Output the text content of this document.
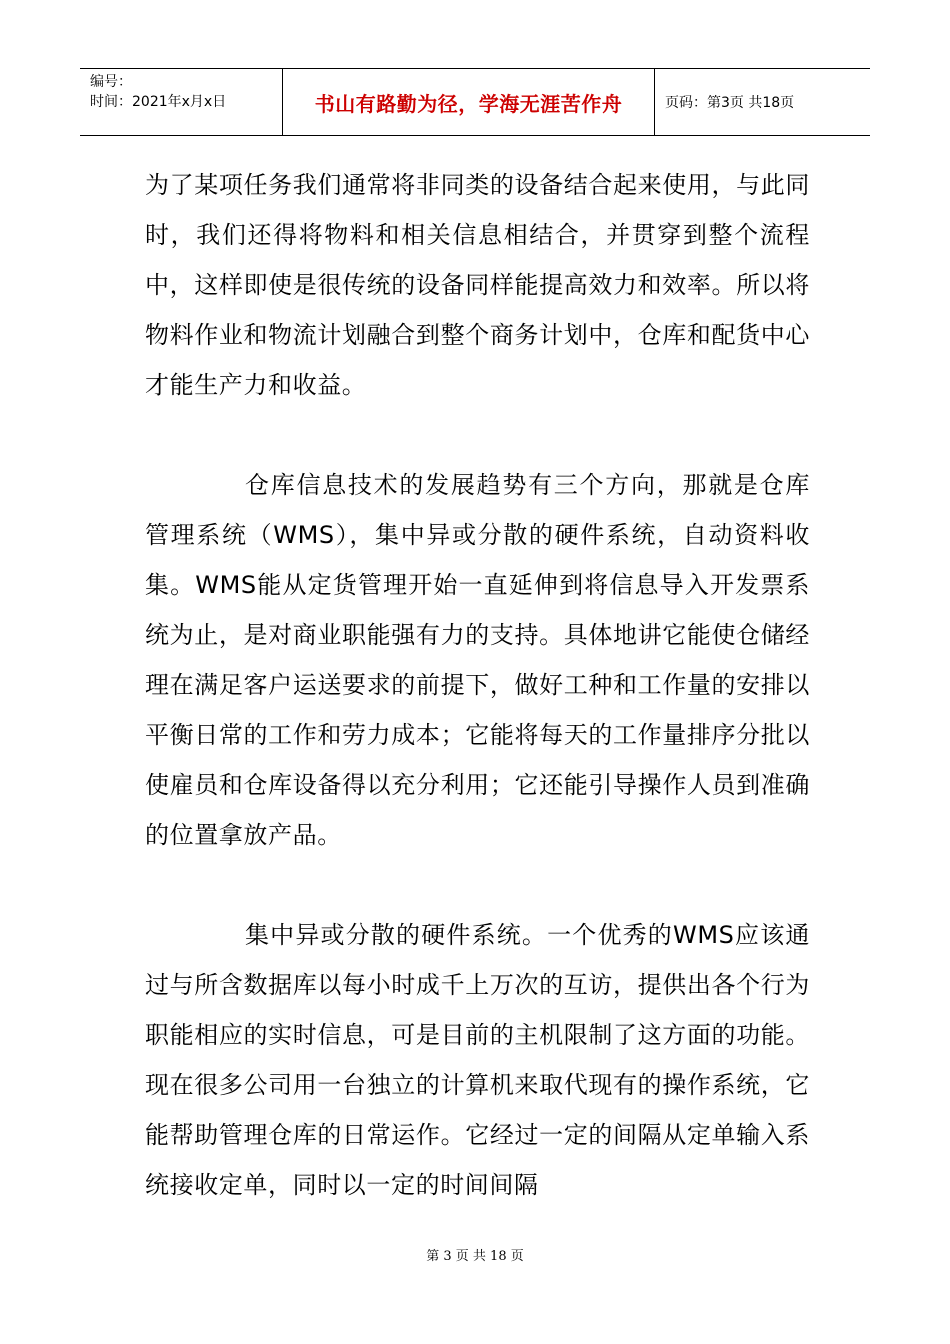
编号：
时间：2021年x月x日	书山有路勤为径，学海无涯苦作舟	页码：第3页 共18页

为了某项任务我们通常将非同类的设备结合起来使用，与此同时，我们还得将物料和相关信息相结合，并贯穿到整个流程中，这样即使是很传统的设备同样能提高效力和效率。所以将物料作业和物流计划融合到整个商务计划中，仓库和配货中心才能生产力和收益。

仓库信息技术的发展趋势有三个方向，那就是仓库管理系统（WMS），集中异或分散的硬件系统，自动资料收集。WMS能从定货管理开始一直延伸到将信息导入开发票系统为止，是对商业职能强有力的支持。具体地讲它能使仓储经理在满足客户运送要求的前提下，做好工种和工作量的安排以平衡日常的工作和劳力成本；它能将每天的工作量排序分批以使雇员和仓库设备得以充分利用；它还能引导操作人员到准确的位置拿放产品。

集中异或分散的硬件系统。一个优秀的WMS应该通过与所含数据库以每小时成千上万次的互访，提供出各个行为职能相应的实时信息，可是目前的主机限制了这方面的功能。现在很多公司用一台独立的计算机来取代现有的操作系统，它能帮助管理仓库的日常运作。它经过一定的间隔从定单输入系统接收定单，同时以一定的时间间隔

第 3 页 共 18 页
